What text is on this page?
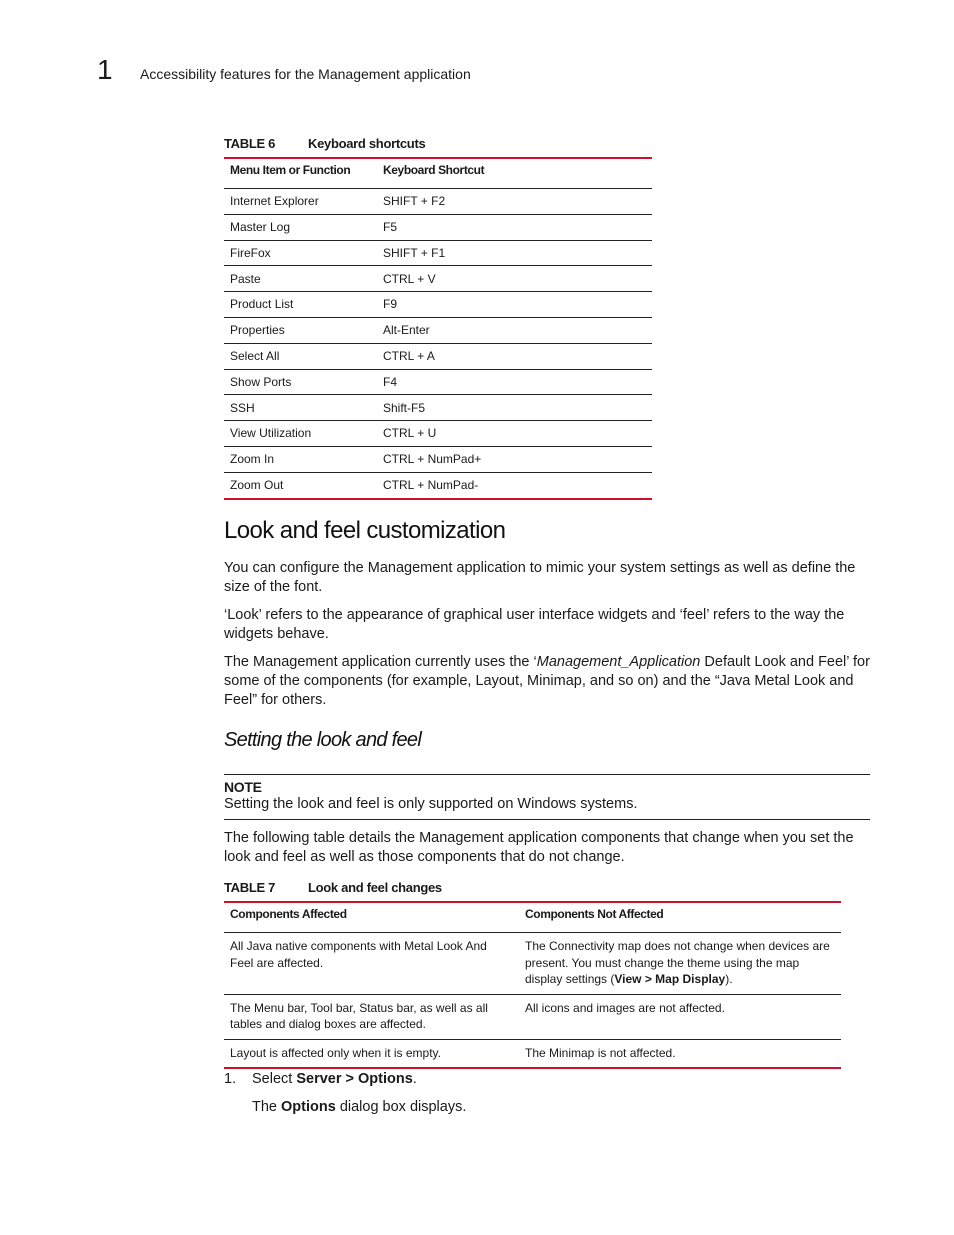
1 Accessibility features for the Management application
TABLE 6	Keyboard shortcuts
Menu Item or Function	Keyboard Shortcut
Internet Explorer	SHIFT + F2
Master Log	F5
FireFox	SHIFT + F1
Paste	CTRL + V
Product List	F9
Properties	Alt-Enter
Select All	CTRL + A
Show Ports	F4
SSH	Shift-F5
View Utilization	CTRL + U
Zoom In	CTRL + NumPad+
Zoom Out	CTRL + NumPad-
Look and feel customization

You can configure the Management application to mimic your system settings as well as define the size of the font.

‘Look’ refers to the appearance of graphical user interface widgets and ‘feel’ refers to the way the widgets behave.

The Management application currently uses the ‘Management_Application Default Look and Feel’ for some of the components (for example, Layout, Minimap, and so on) and the “Java Metal Look and Feel” for others.

Setting the look and feel
NOTE
Setting the look and feel is only supported on Windows systems.

The following table details the Management application components that change when you set the look and feel as well as those components that do not change.

TABLE 7	Look and feel changes
Components Affected	Components Not Affected
All Java native components with Metal Look And Feel are affected.	The Connectivity map does not change when devices are present. You must change the theme using the map display settings (View > Map Display).
The Menu bar, Tool bar, Status bar, as well as all tables and dialog boxes are affected.	All icons and images are not affected.
Layout is affected only when it is empty.	The Minimap is not affected.
1. Select Server > Options.
The Options dialog box displays.
